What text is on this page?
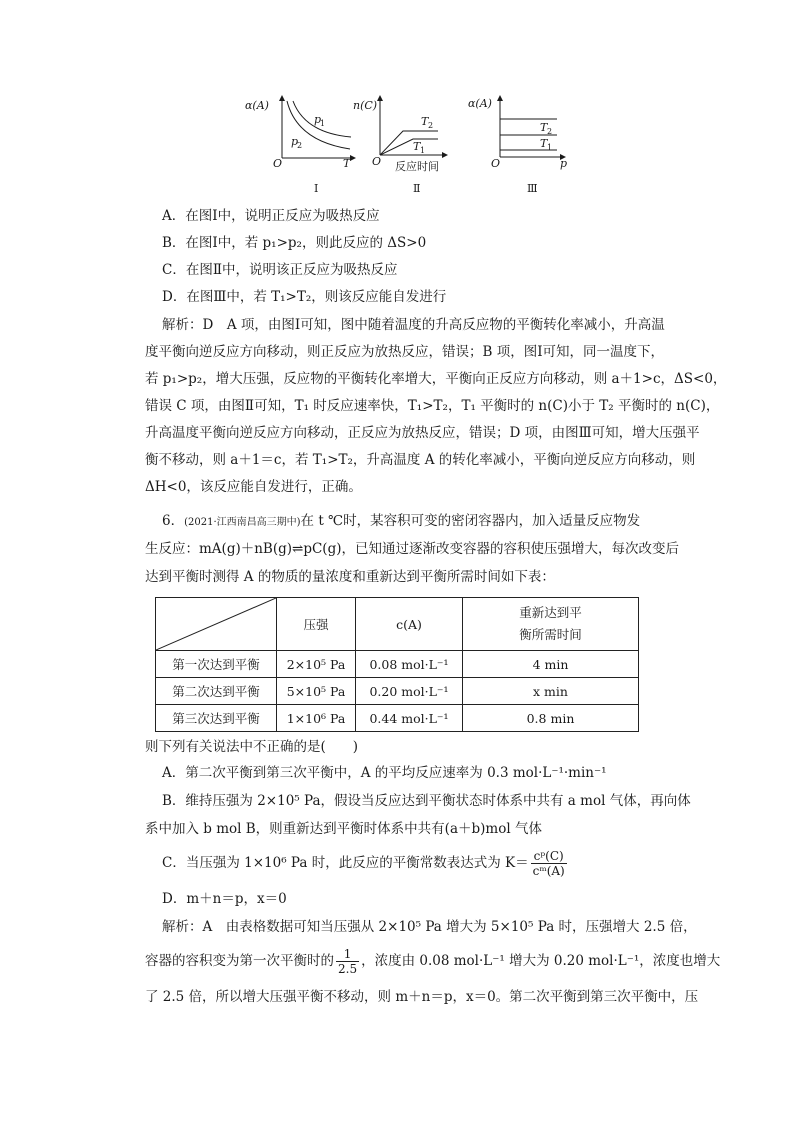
α(A)
O	T
p
1
p
2
Ⅰ
n(C)
O 反应时间
T 2
T 1
Ⅱ
α(A)
O	p
T 2
T 1
Ⅲ
A．在图Ⅰ中，说明正反应为吸热反应
B．在图Ⅰ中，若 p₁>p₂，则此反应的 ΔS>0
C．在图Ⅱ中，说明该正反应为吸热反应
D．在图Ⅲ中，若 T₁>T₂，则该反应能自发进行
解析：D　A 项，由图Ⅰ可知，图中随着温度的升高反应物的平衡转化率减小，升高温
度平衡向逆反应方向移动，则正反应为放热反应，错误；B 项，图Ⅰ可知，同一温度下，
若 p₁>p₂，增大压强，反应物的平衡转化率增大，平衡向正反应方向移动，则 a＋1>c，ΔS<0，
错误 C 项，由图Ⅱ可知，T₁ 时反应速率快，T₁>T₂，T₁ 平衡时的 n(C)小于 T₂ 平衡时的 n(C)，
升高温度平衡向逆反应方向移动，正反应为放热反应，错误；D 项，由图Ⅲ可知，增大压强平
衡不移动，则 a＋1＝c，若 T₁>T₂，升高温度 A 的转化率减小，平衡向逆反应方向移动，则
ΔH<0，该反应能自发进行，正确。
6．(2021·江西南昌高三期中)在 t ℃时，某容积可变的密闭容器内，加入适量反应物发
生反应：mA(g)＋nB(g)⇌pC(g)，已知通过逐渐改变容器的容积使压强增大，每次改变后
达到平衡时测得 A 的物质的量浓度和重新达到平衡所需时间如下表：
	压强	c(A)	重新达到平
衡所需时间
第一次达到平衡	2×10⁵ Pa	0.08 mol·L⁻¹	4 min
第二次达到平衡	5×10⁵ Pa	0.20 mol·L⁻¹	x min
第三次达到平衡	1×10⁶ Pa	0.44 mol·L⁻¹	0.8 min
则下列有关说法中不正确的是(　　)
A．第二次平衡到第三次平衡中，A 的平均反应速率为 0.3 mol·L⁻¹·min⁻¹
B．维持压强为 2×10⁵ Pa，假设当反应达到平衡状态时体系中共有 a mol 气体，再向体
系中加入 b mol B，则重新达到平衡时体系中共有(a＋b)mol 气体
C．当压强为 1×10⁶ Pa 时，此反应的平衡常数表达式为 $K= \frac{\text{cᵖ(C)}}{\text{cᵐ(A)}}$
D．m＋n＝p，x＝0
解析：A　由表格数据可知当压强从 2×10⁵ Pa 增大为 5×10⁵ Pa 时，压强增大 2.5 倍，
容器的容积变为第一次平衡时的 $\frac{1}{2.5}$ ，浓度由 0.08 mol·L⁻¹ 增大为 0.20 mol·L⁻¹，浓度也增大
了 2.5 倍，所以增大压强平衡不移动，则 m＋n＝p，x＝0。第二次平衡到第三次平衡中，压
